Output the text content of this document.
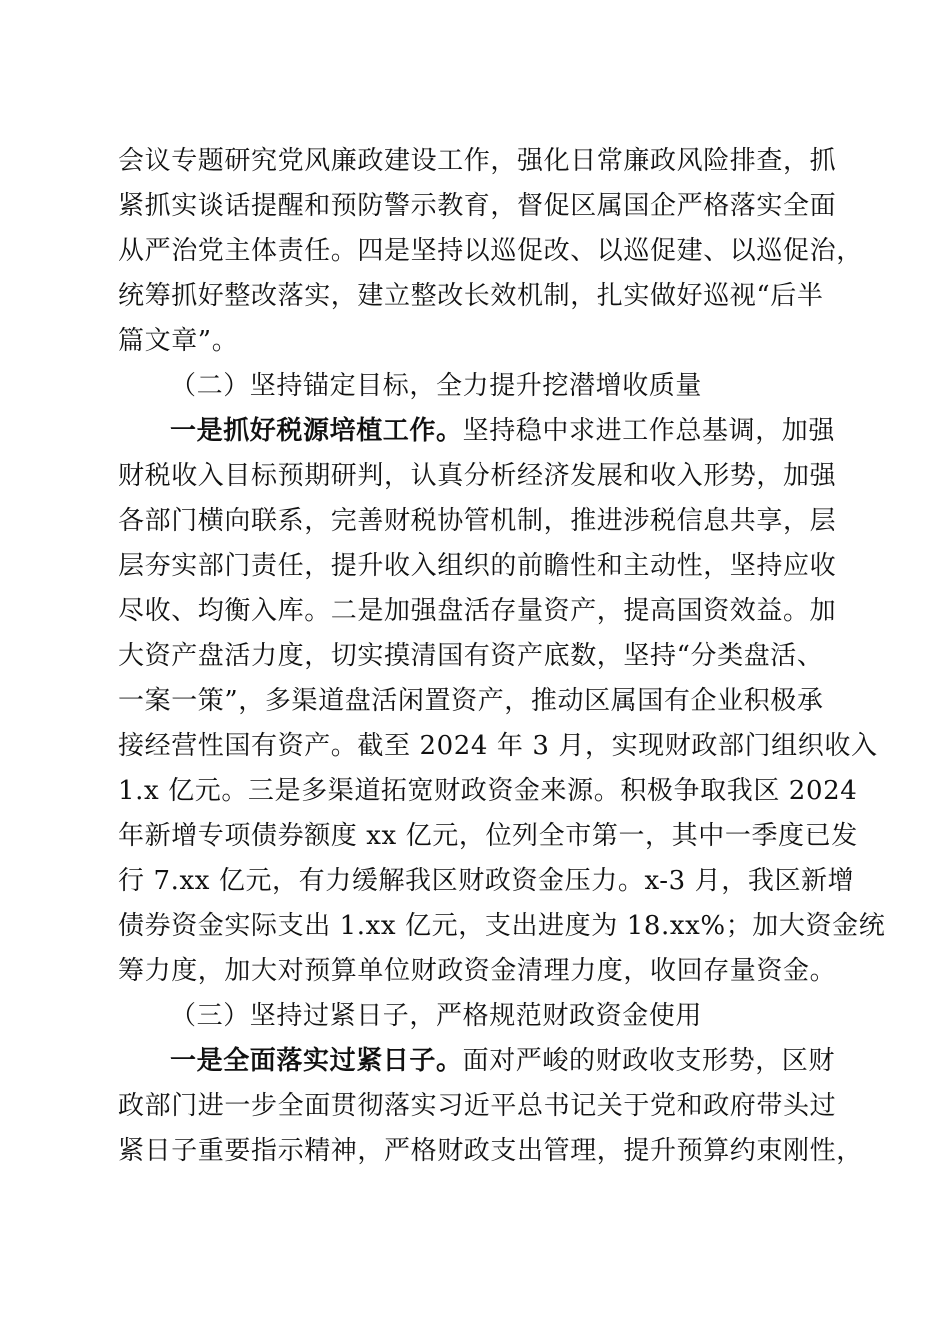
会议专题研究党风廉政建设工作，强化日常廉政风险排查，抓
紧抓实谈话提醒和预防警示教育，督促区属国企严格落实全面
从严治党主体责任。四是坚持以巡促改、以巡促建、以巡促治，
统筹抓好整改落实，建立整改长效机制，扎实做好巡视“后半
篇文章”。
（二）坚持锚定目标，全力提升挖潜增收质量
一是抓好税源培植工作。坚持稳中求进工作总基调，加强
财税收入目标预期研判，认真分析经济发展和收入形势，加强
各部门横向联系，完善财税协管机制，推进涉税信息共享，层
层夯实部门责任，提升收入组织的前瞻性和主动性，坚持应收
尽收、均衡入库。二是加强盘活存量资产，提高国资效益。加
大资产盘活力度，切实摸清国有资产底数，坚持“分类盘活、
一案一策”，多渠道盘活闲置资产，推动区属国有企业积极承
接经营性国有资产。截至 2024 年 3 月，实现财政部门组织收入
1.x 亿元。三是多渠道拓宽财政资金来源。积极争取我区 2024
年新增专项债券额度 xx 亿元，位列全市第一，其中一季度已发
行 7.xx 亿元，有力缓解我区财政资金压力。x-3 月，我区新增
债券资金实际支出 1.xx 亿元，支出进度为 18.xx%；加大资金统
筹力度，加大对预算单位财政资金清理力度，收回存量资金。
（三）坚持过紧日子，严格规范财政资金使用
一是全面落实过紧日子。面对严峻的财政收支形势，区财
政部门进一步全面贯彻落实习近平总书记关于党和政府带头过
紧日子重要指示精神，严格财政支出管理，提升预算约束刚性，
